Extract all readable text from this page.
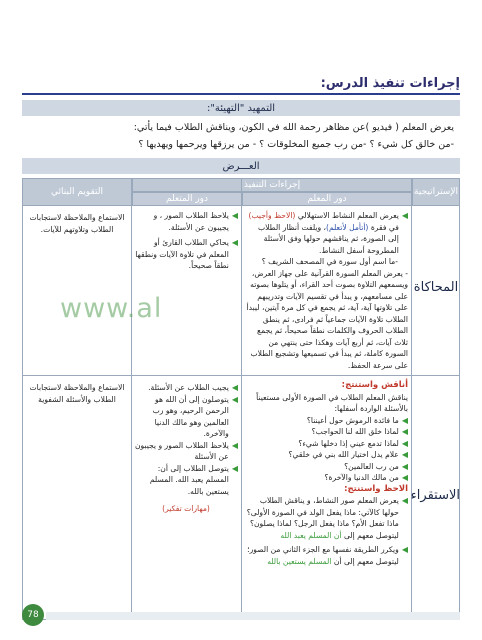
إجراءات تنفيذ الدرس:
التمهيد "التهيئة":
يعرض المعلم ( فيديو )عن مظاهر رحمة الله في الكون، ويناقش الطلاب فيما يأتي:
-من خالق كل شيء ؟ -من رب جميع المخلوقات ؟ - من يرزقها ويرحمها ويهديها ؟
العـــرض
الإستراتيجية
إجراءات التنفيذ
دور المعلم
دور المتعلم
التقويم البنائي
المحاكاة
◀
يعرض المعلم النشاط الاستهلالي (الاحظ وأجيب) في فقرة (أتأمل لأتعلم)، ويلفت أنظار الطلاب إلى الصورة، ثم يناقشهم حولها وفق الأسئلة المطروحة أسفل النشاط.
-ما اسم أول سورة في المصحف الشريف ؟
- يعرض المعلم السورة القرآنية على جهاز العرض، ويسمعهم التلاوة بصوت أحد القراء، أو يتلوها بصوته على مسامعهم، و يبدأ في تقسيم الآيات وتدريبهم على تلاوتها آية، آية، ثم يجمع في كل مرة آيتين، ليبدأ الطلاب تلاوة الآيات جماعياً ثم فرادى، ثم ينطق الطلاب الحروف والكلمات نطقاً صحيحاً، ثم يجمع ثلاث آيات، ثم أربع آيات وهكذا حتى ينتهي من السورة كاملة، ثم يبدأ في تسميعها وتشجيع الطلاب على سرعة الحفظ.
◀
يلاحظ الطلاب الصور ، و يجيبون عن الأسئلة.
◀
يحاكي الطلاب القارئ أو المعلم في تلاوة الآيات ونطقها نطقاً صحيحاً.
الاستماع والملاحظة لاستجابات الطلاب وتلاوتهم للآيات.
الاستقراء
أناقش واستنتج:
يناقش المعلم الطلاب في الصورة الأولى مستعيناً بالأسئلة الواردة أسفلها:
◀
ما فائدة الرموش حول أعيننا؟
◀
لماذا خلق الله لنا الحواجب؟
◀
لماذا تدمع عيني إذا دخلها شيء؟
◀
علام يدل اختيار الله بني في خلقي؟
◀
من رب العالمين؟
◀
من مالك الدنيا والآخرة؟
الاحظ واستنتج:
◀
يعرض المعلم صور النشاط، و يناقش الطلاب حولها كالآتي: ماذا يفعل الولد في الصورة الأولى؟ ماذا تفعل الأم؟ ماذا يفعل الرجل؟ لماذا يصلون؟ ليتوصل معهم إلى أن المسلم يعبد الله
◀
ويكرر الطريقة نفسها مع الجزء الثاني من الصور؛ ليتوصل معهم إلى أن المسلم يستعين بالله
◀
يجيب الطلاب عن الأسئلة.
◀
يتوصلون إلى أن الله هو الرحمن الرحيم، وهو رب العالمين وهو مالك الدنيا والآخرة.
◀
يلاحظ الطلاب الصور و يجيبون عن الأسئلة
◀
يتوصل الطلاب إلى أن: المسلم يعبد الله. المسلم يستعين بالله.
(مهارات تفكير)
الاستماع والملاحظة لاستجابات الطلاب والأسئلة الشفوية
www.al
78
